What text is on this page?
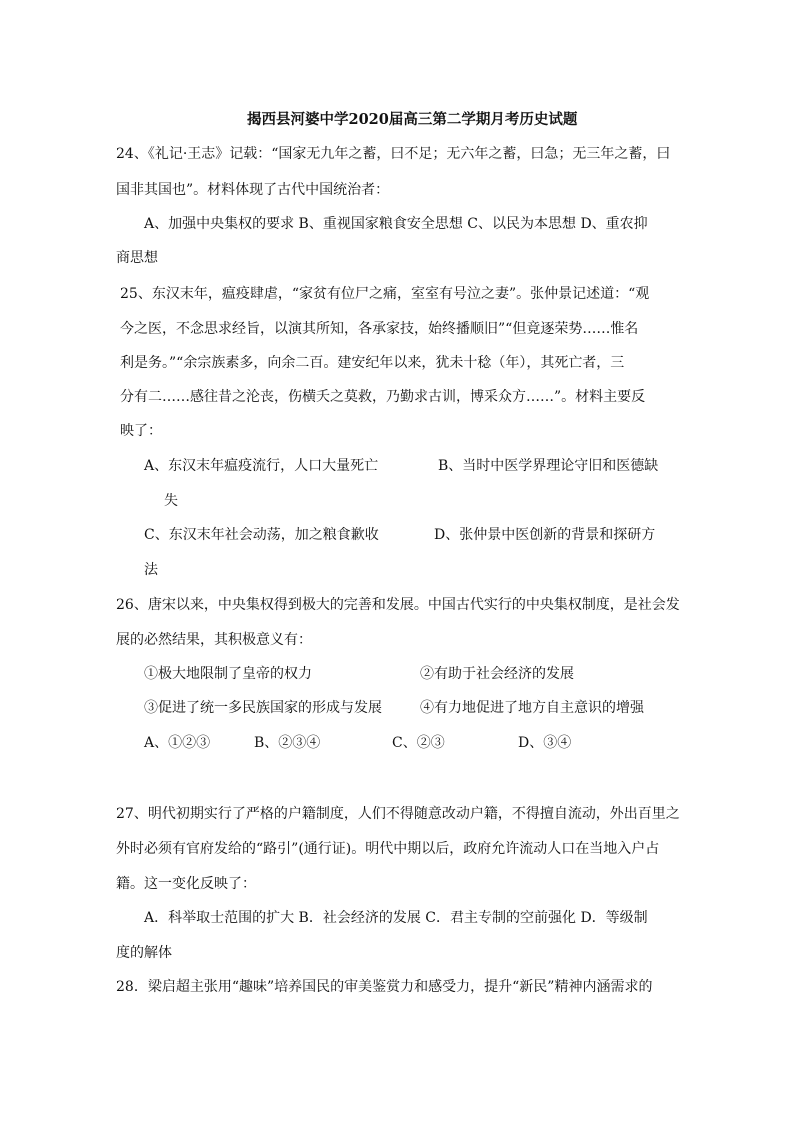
揭西县河婆中学2020届高三第二学期月考历史试题
24、《礼记·王志》记载：“国家无九年之蓄，曰不足；无六年之蓄，曰急；无三年之蓄，曰
国非其国也”。材料体现了古代中国统治者：
A、加强中央集权的要求 B、重视国家粮食安全思想 C、以民为本思想 D、重农抑
商思想
25、东汉末年，瘟疫肆虐，“家贫有位尸之痛，室室有号泣之妻”。张仲景记述道：“观
今之医，不念思求经旨，以演其所知，各承家技，始终播顺旧”“但竟逐荣势……惟名
利是务。”“余宗族素多，向余二百。建安纪年以来，犹未十稔（年），其死亡者，三
分有二……感往昔之沦丧，伤横夭之莫救，乃勤求古训，博采众方……”。材料主要反
映了：
A、东汉末年瘟疫流行，人口大量死亡	B、当时中医学界理论守旧和医德缺
失
C、东汉末年社会动荡，加之粮食歉收	D、张仲景中医创新的背景和探研方
法
26、唐宋以来，中央集权得到极大的完善和发展。中国古代实行的中央集权制度，是社会发
展的必然结果，其积极意义有：
①极大地限制了皇帝的权力	②有助于社会经济的发展
③促进了统一多民族国家的形成与发展	④有力地促进了地方自主意识的增强
A、①②③	B、②③④	C、②③	D、③④
27、明代初期实行了严格的户籍制度，人们不得随意改动户籍，不得擅自流动，外出百里之
外时必须有官府发给的“路引”(通行证)。明代中期以后，政府允许流动人口在当地入户占
籍。这一变化反映了：
A．科举取士范围的扩大 B．社会经济的发展 C．君主专制的空前强化 D．等级制
度的解体
28．梁启超主张用“趣味”培养国民的审美鉴赏力和感受力，提升“新民”精神内涵需求的
